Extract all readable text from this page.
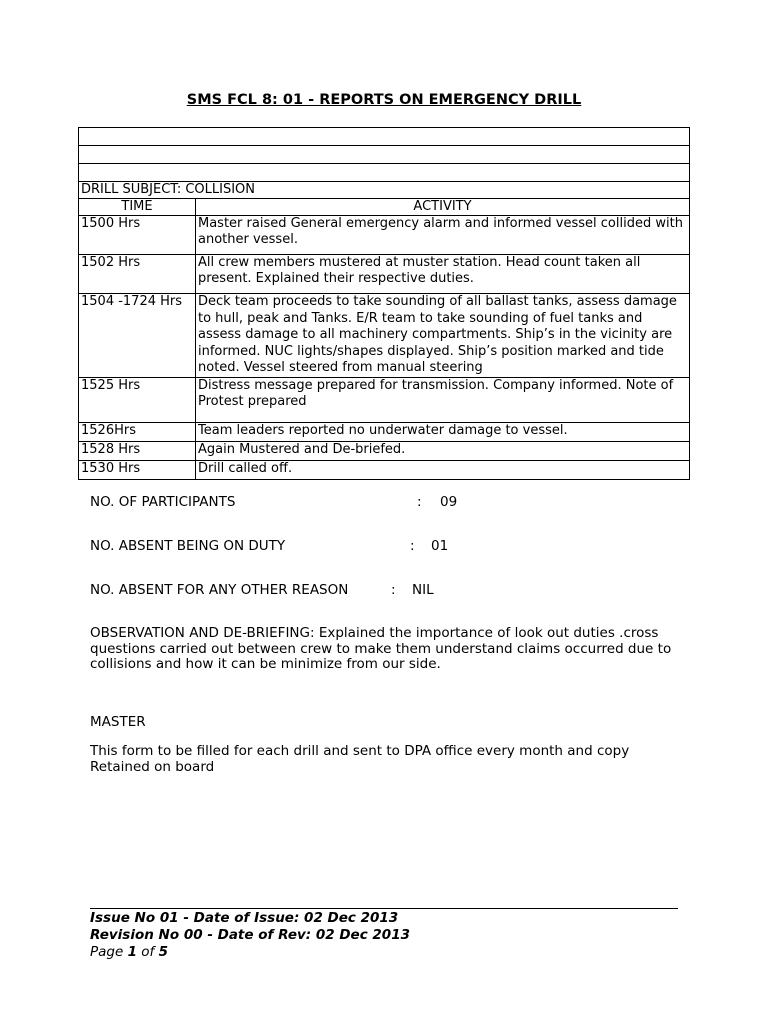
SMS FCL 8: 01 - REPORTS ON EMERGENCY DRILL

DRILL SUBJECT: COLLISION	
TIME	ACTIVITY
1500 Hrs	Master raised General emergency alarm and informed vessel collided with another vessel.
1502 Hrs	All crew members mustered at muster station. Head count taken all present. Explained their respective duties.
1504 -1724 Hrs	Deck team proceeds to take sounding of all ballast tanks, assess damage to hull, peak and Tanks. E/R team to take sounding of fuel tanks and assess damage to all machinery compartments. Ship’s in the vicinity are informed. NUC lights/shapes displayed. Ship’s position marked and tide noted. Vessel steered from manual steering
1525 Hrs	Distress message prepared for transmission. Company informed. Note of Protest prepared
1526Hrs	Team leaders reported no underwater damage to vessel.
1528 Hrs	Again Mustered and De-briefed.
1530 Hrs	Drill called off.
NO. OF PARTICIPANTS	: 09
NO. ABSENT BEING ON DUTY	: 01
NO. ABSENT FOR ANY OTHER REASON	: NIL
OBSERVATION AND DE-BRIEFING: Explained the importance of look out duties .cross questions carried out between crew to make them understand claims occurred due to collisions and how it can be minimize from our side.
MASTER
This form to be filled for each drill and sent to DPA office every month and copy Retained on board
Issue No 01 - Date of Issue: 02 Dec 2013
Revision No 00 - Date of Rev: 02 Dec 2013
Page 1 of 5
